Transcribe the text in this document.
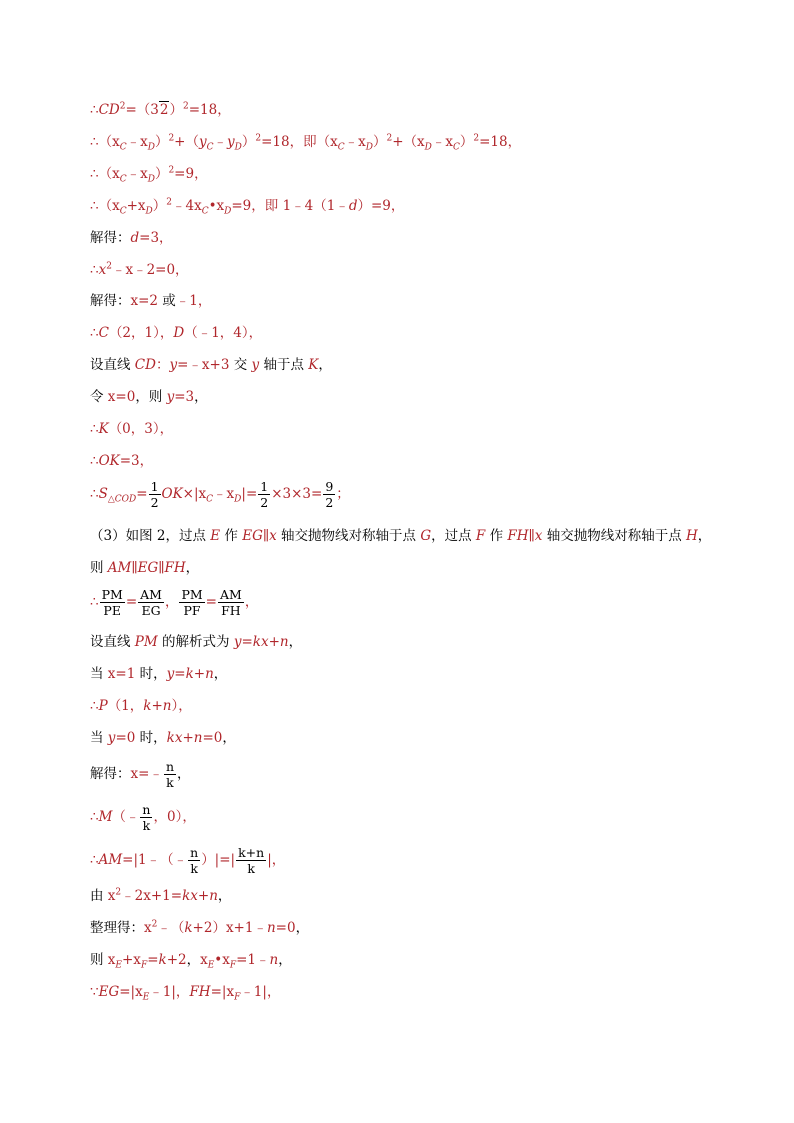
$\therefore CD^2=(32)^2=18$，
$\therefore(x_C﹣x_D)^2+(y_C﹣y_D)^2=18$，即$(x_C﹣x_D)^2+(x_D﹣x_C)^2=18$，
$\therefore(x_C﹣x_D)^2=9$，
$\therefore(x_C+x_D)^2﹣4x_C•x_D=9$，即 1﹣4（1﹣d）=9，
解得：d=3，
$\therefore x^2﹣x﹣2=0$，
解得：x=2 或﹣1，
∴C（2，1），D（﹣1，4），
设直线 CD：y=﹣x+3 交 y 轴于点 K，
令 x=0，则 y=3，
∴K（0，3），
∴OK=3，
$\therefore S_{\triangle COD}= \frac{1}{2}$ $OK\times|x_C﹣x_D|= \frac{1}{2} \times 3\times 3= \frac{9}{2}$ ；
（3）如图 2，过点 E 作 EG∥x 轴交抛物线对称轴于点 G，过点 F 作 FH∥x 轴交抛物线对称轴于点 H，
则 AM∥EG∥FH，
∴ $\frac{PM}{PE} = \frac{AM}{EG}$ ， $\frac{PM}{PF} = \frac{AM}{FH}$ ，
设直线 PM 的解析式为 y=kx+n，
当 x=1 时，y=k+n，
∴P（1，k+n），
当 y=0 时，kx+n=0，
解得：x=﹣ $\frac{n}{k}$ ，
∴M（﹣ $\frac{n}{k}$ ，0），
∴AM=|1﹣（﹣ $\frac{n}{k}$ ）|=| $\frac{k+n}{k}$ |，
由 $x^2﹣2x+1=kx+n$，
整理得：$x^2﹣(k+2)x+1﹣n=0$，
则 $x_E+x_F=k+2$，$x_E•x_F=1﹣n$，
$\because EG=|x_E﹣1|$，$FH=|x_F﹣1|$，
